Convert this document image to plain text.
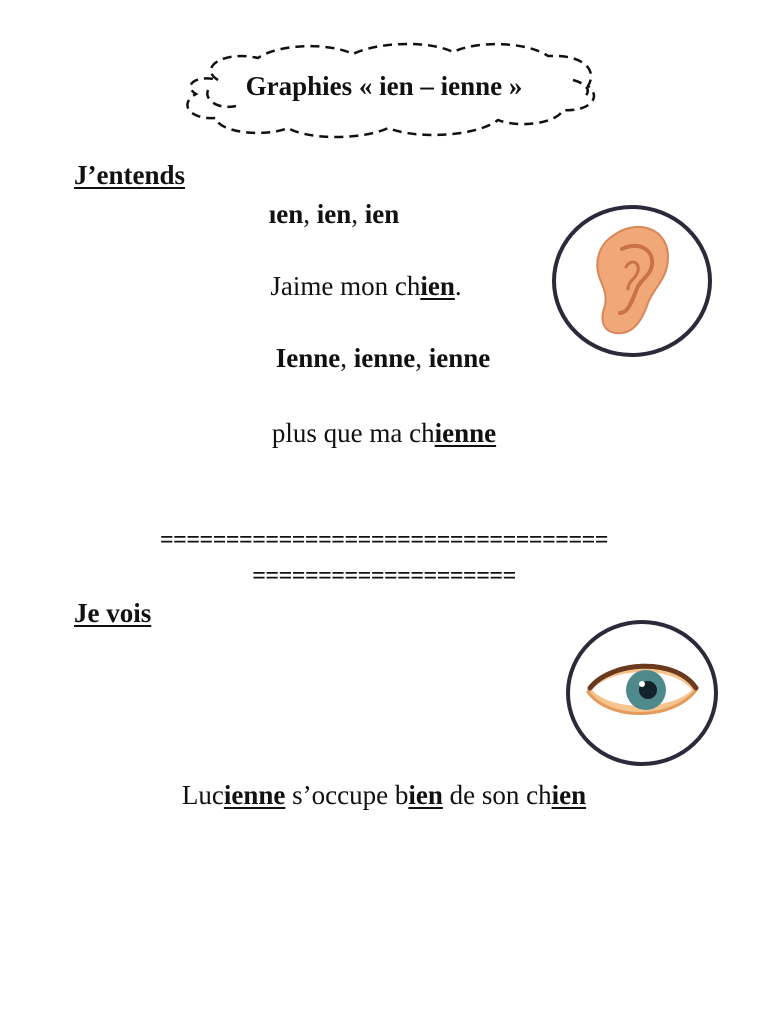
Graphies « ien – ienne »
J’entends
ıen, ien, ien
Jaime mon chien.
Ienne, ienne, ienne
plus que ma chienne
==================================
====================
Je vois
Lucienne s’occupe bien de son chien
